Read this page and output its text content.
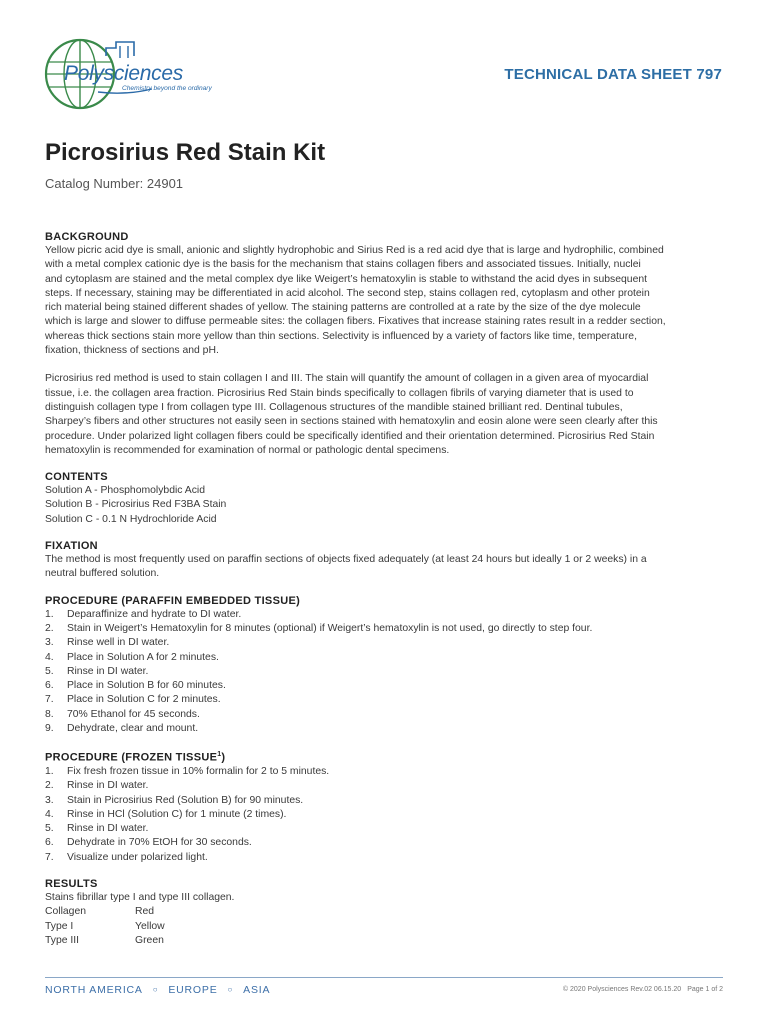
Polysciences
Chemistry beyond the ordinary
TECHNICAL DATA SHEET 797
Picrosirius Red Stain Kit
Catalog Number: 24901
BACKGROUND

Yellow picric acid dye is small, anionic and slightly hydrophobic and Sirius Red is a red acid dye that is large and hydrophilic, combined
with a metal complex cationic dye is the basis for the mechanism that stains collagen fibers and associated tissues. Initially, nuclei
and cytoplasm are stained and the metal complex dye like Weigert’s hematoxylin is stable to withstand the acid dyes in subsequent
steps. If necessary, staining may be differentiated in acid alcohol. The second step, stains collagen red, cytoplasm and other protein
rich material being stained different shades of yellow. The staining patterns are controlled at a rate by the size of the dye molecule
which is large and slower to diffuse permeable sites: the collagen fibers. Fixatives that increase staining rates result in a redder section,
whereas thick sections stain more yellow than thin sections. Selectivity is influenced by a variety of factors like time, temperature,
fixation, thickness of sections and pH.

Picrosirius red method is used to stain collagen I and III. The stain will quantify the amount of collagen in a given area of myocardial
tissue, i.e. the collagen area fraction. Picrosirius Red Stain binds specifically to collagen fibrils of varying diameter that is used to
distinguish collagen type I from collagen type III. Collagenous structures of the mandible stained brilliant red. Dentinal tubules,
Sharpey’s fibers and other structures not easily seen in sections stained with hematoxylin and eosin alone were seen clearly after this
procedure. Under polarized light collagen fibers could be specifically identified and their orientation determined. Picrosirius Red Stain
hematoxylin is recommended for examination of normal or pathologic dental specimens.

CONTENTS
Solution A - Phosphomolybdic Acid
Solution B - Picrosirius Red F3BA Stain
Solution C - 0.1 N Hydrochloride Acid
FIXATION
The method is most frequently used on paraffin sections of objects fixed adequately (at least 24 hours but ideally 1 or 2 weeks) in a
neutral buffered solution.
PROCEDURE (PARAFFIN EMBEDDED TISSUE)
1. Deparaffinize and hydrate to DI water.
2. Stain in Weigert’s Hematoxylin for 8 minutes (optional) if Weigert’s hematoxylin is not used, go directly to step four.
3. Rinse well in DI water.
4. Place in Solution A for 2 minutes.
5. Rinse in DI water.
6. Place in Solution B for 60 minutes.
7. Place in Solution C for 2 minutes.
8. 70% Ethanol for 45 seconds.
9. Dehydrate, clear and mount.
PROCEDURE (FROZEN TISSUE$^1$)
1. Fix fresh frozen tissue in 10% formalin for 2 to 5 minutes.
2. Rinse in DI water.
3. Stain in Picrosirius Red (Solution B) for 90 minutes.
4. Rinse in HCl (Solution C) for 1 minute (2 times).
5. Rinse in DI water.
6. Dehydrate in 70% EtOH for 30 seconds.
7. Visualize under polarized light.
RESULTS
Stains fibrillar type I and type III collagen.
Collagen	Red
Type I	Yellow
Type III	Green
NORTH AMERICA ○ EUROPE ○ ASIA	© 2020 Polysciences Rev.02 06.15.20 Page 1 of 2
